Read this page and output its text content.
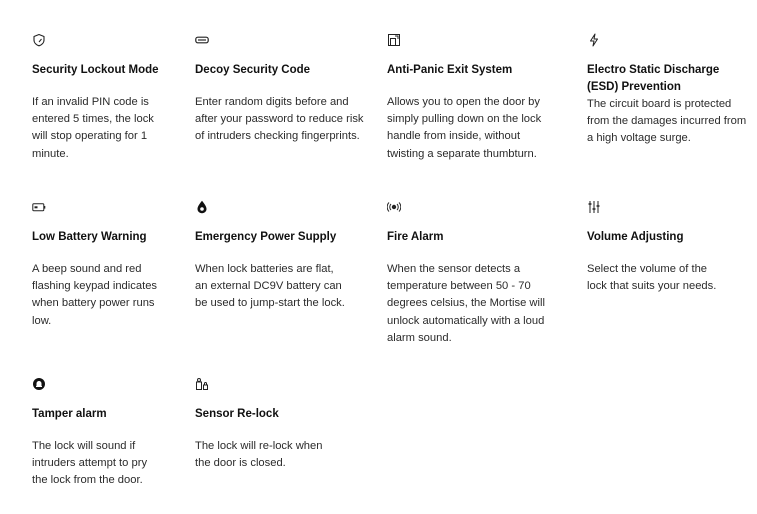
Security Lockout Mode
If an invalid PIN code is entered 5 times, the lock will stop operating for 1 minute.
Decoy Security Code
Enter random digits before and after your password to reduce risk of intruders checking fingerprints.
Anti-Panic Exit System
Allows you to open the door by simply pulling down on the lock handle from inside, without twisting a separate thumbturn.
Electro Static Discharge
(ESD) Prevention
The circuit board is protected from the damages incurred from a high voltage surge.
Low Battery Warning
A beep sound and red flashing keypad indicates when battery power runs low.
Emergency Power Supply
When lock batteries are flat, an external DC9V battery can be used to jump-start the lock.
Fire Alarm
When the sensor detects a temperature between 50 - 70 degrees celsius, the Mortise will unlock automatically with a loud alarm sound.
Volume Adjusting
Select the volume of the lock that suits your needs.
Tamper alarm
The lock will sound if intruders attempt to pry the lock from the door.
Sensor Re-lock
The lock will re-lock when the door is closed.
